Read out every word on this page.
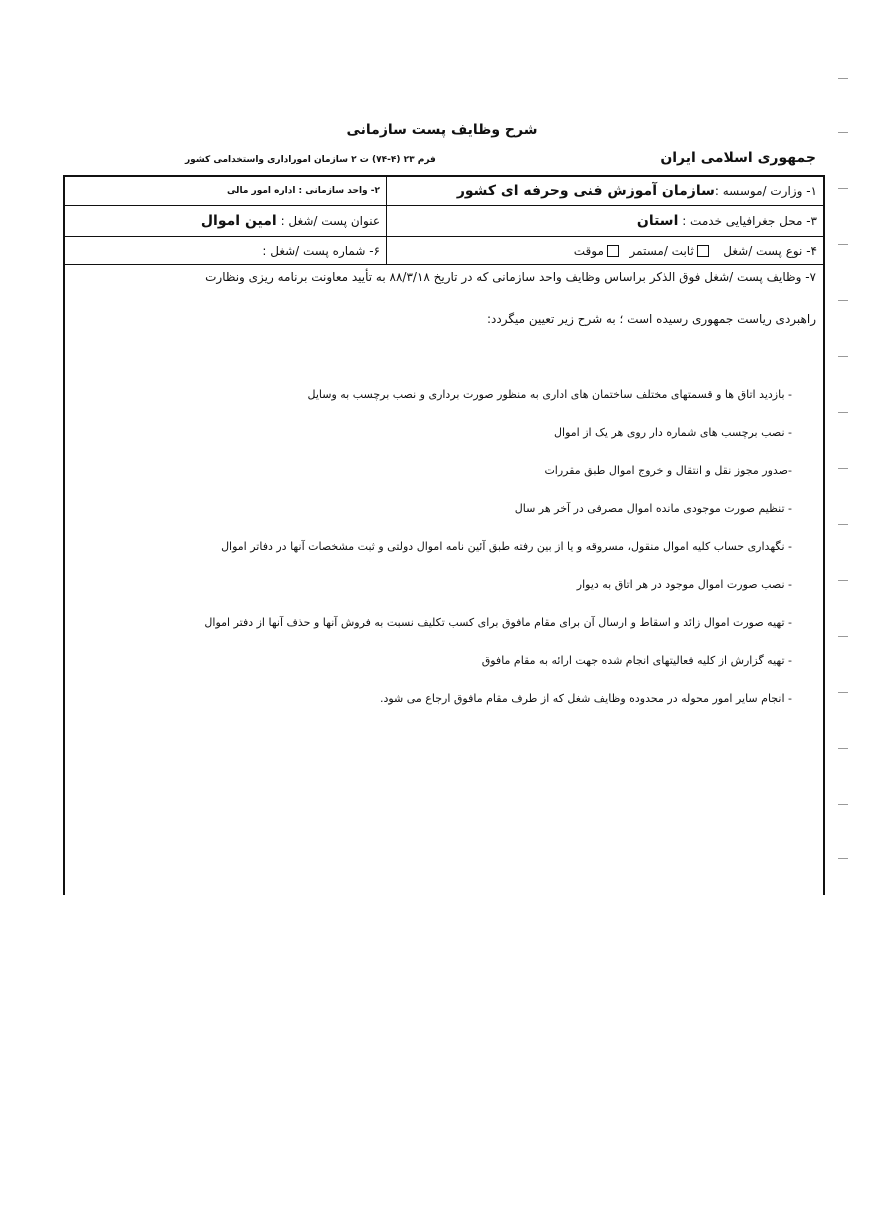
شرح وظایف پست سازمانی
جمهوری اسلامی ایران
فرم ۲۳ (۴-۷۴) ت ۲ سازمان اموراداری واستخدامی کشور
۱- وزارت /موسسه :
سازمان آموزش فنی وحرفه ای کشور
۲- واحد سازمانی : اداره امور مالی
۳- محل جغرافیایی خدمت :

استان
عنوان پست /شغل :

امین اموال
۴- نوع پست /شغل

ثابت /مستمر

موقت
۶- شماره پست /شغل :
۷- وظایف پست /شغل فوق الذکر براساس وظایف واحد سازمانی که در تاریخ ۸۸/۳/۱۸ به تأیید معاونت برنامه ریزی ونظارت
راهبردی ریاست جمهوری رسیده است ؛ به شرح زیر تعیین میگردد:
- بازدید اتاق ها و قسمتهای مختلف ساختمان های اداری به منظور صورت برداری و نصب برچسب به وسایل
- نصب برچسب های شماره دار روی هر یک از اموال
-صدور مجوز نقل و انتقال و خروج اموال طبق مقررات
- تنظیم صورت موجودی مانده اموال مصرفی در آخر هر سال
- نگهداری حساب کلیه اموال منقول، مسروقه و یا از بین رفته طبق آئین نامه اموال دولتی و ثبت مشخصات آنها در دفاتر اموال
- نصب صورت اموال موجود در هر اتاق به دیوار
- تهیه صورت اموال زائد و اسقاط و ارسال آن برای مقام مافوق برای کسب تکلیف نسبت به فروش آنها و حذف آنها از دفتر اموال
- تهیه گزارش از کلیه فعالیتهای انجام شده جهت ارائه به مقام مافوق
- انجام سایر امور محوله در محدوده وظایف شغل که از طرف مقام مافوق ارجاع می شود.
